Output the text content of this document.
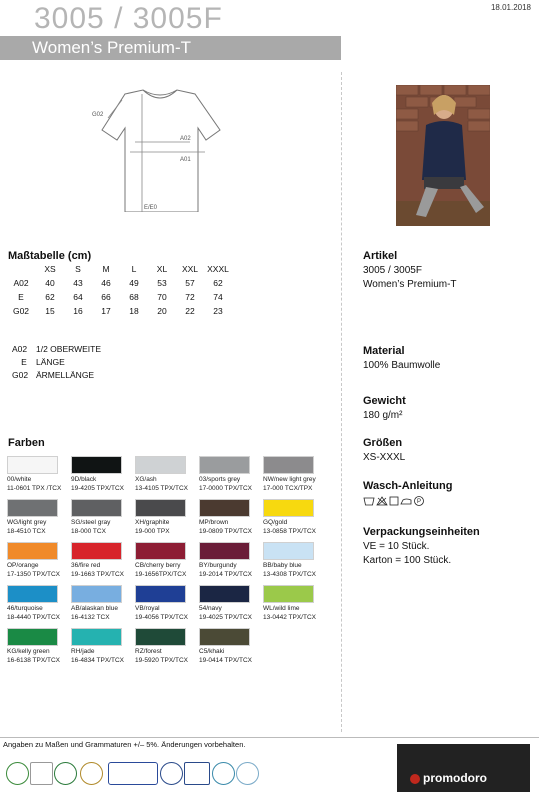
3005 / 3005F	18.01.2018
Women’s Premium-T
G02
A02
A01
E/E0
Maßtabelle (cm)
	XS	S	M	L	XL	XXL	XXXL
A02	40	43	46	49	53	57	62
E	62	64	66	68	70	72	74
G02	15	16	17	18	20	22	23
A02 1/2 OBERWEITE
E LÄNGE
G02 ÄRMELLÄNGE
Farben
00/white
11-0601 TPX /TCX
9D/black
19-4205 TPX/TCX
XG/ash
13-4105 TPX/TCX
03/sports grey
17-0000 TPX/TCX
NW/new light grey
17-000 TCX/TPX
WG/light grey
18-4510 TCX
SG/steel gray
18-000 TCX
XH/graphite
19-000 TPX
MP/brown
19-0809 TPX/TCX
GQ/gold
13-0858 TPX/TCX
OP/orange
17-1350 TPX/TCX
36/fire red
19-1663 TPX/TCX
CB/cherry berry
19-1656TPX/TCX
BY/burgundy
19-2014 TPX/TCX
BB/baby blue
13-4308 TPX/TCX
46/turquoise
18-4440 TPX/TCX
AB/alaskan blue
16-4132 TCX
VB/royal
19-4056 TPX/TCX
54/navy
19-4025 TPX/TCX
WL/wild lime
13-0442 TPX/TCX
KG/kelly green
16-6138 TPX/TCX
RH/jade
16-4834 TPX/TCX
RZ/forest
19-5920 TPX/TCX
C5/khaki
19-0414 TPX/TCX
Artikel
3005 / 3005F
Women’s Premium-T
Material
100% Baumwolle
Gewicht
180 g/m²
Größen
XS-XXXL
Wasch-Anleitung
P
Verpackungseinheiten
VE = 10 Stück.
Karton = 100 Stück.
Angaben zu Maßen und Grammaturen +/– 5%. Änderungen vorbehalten.
promodoro
